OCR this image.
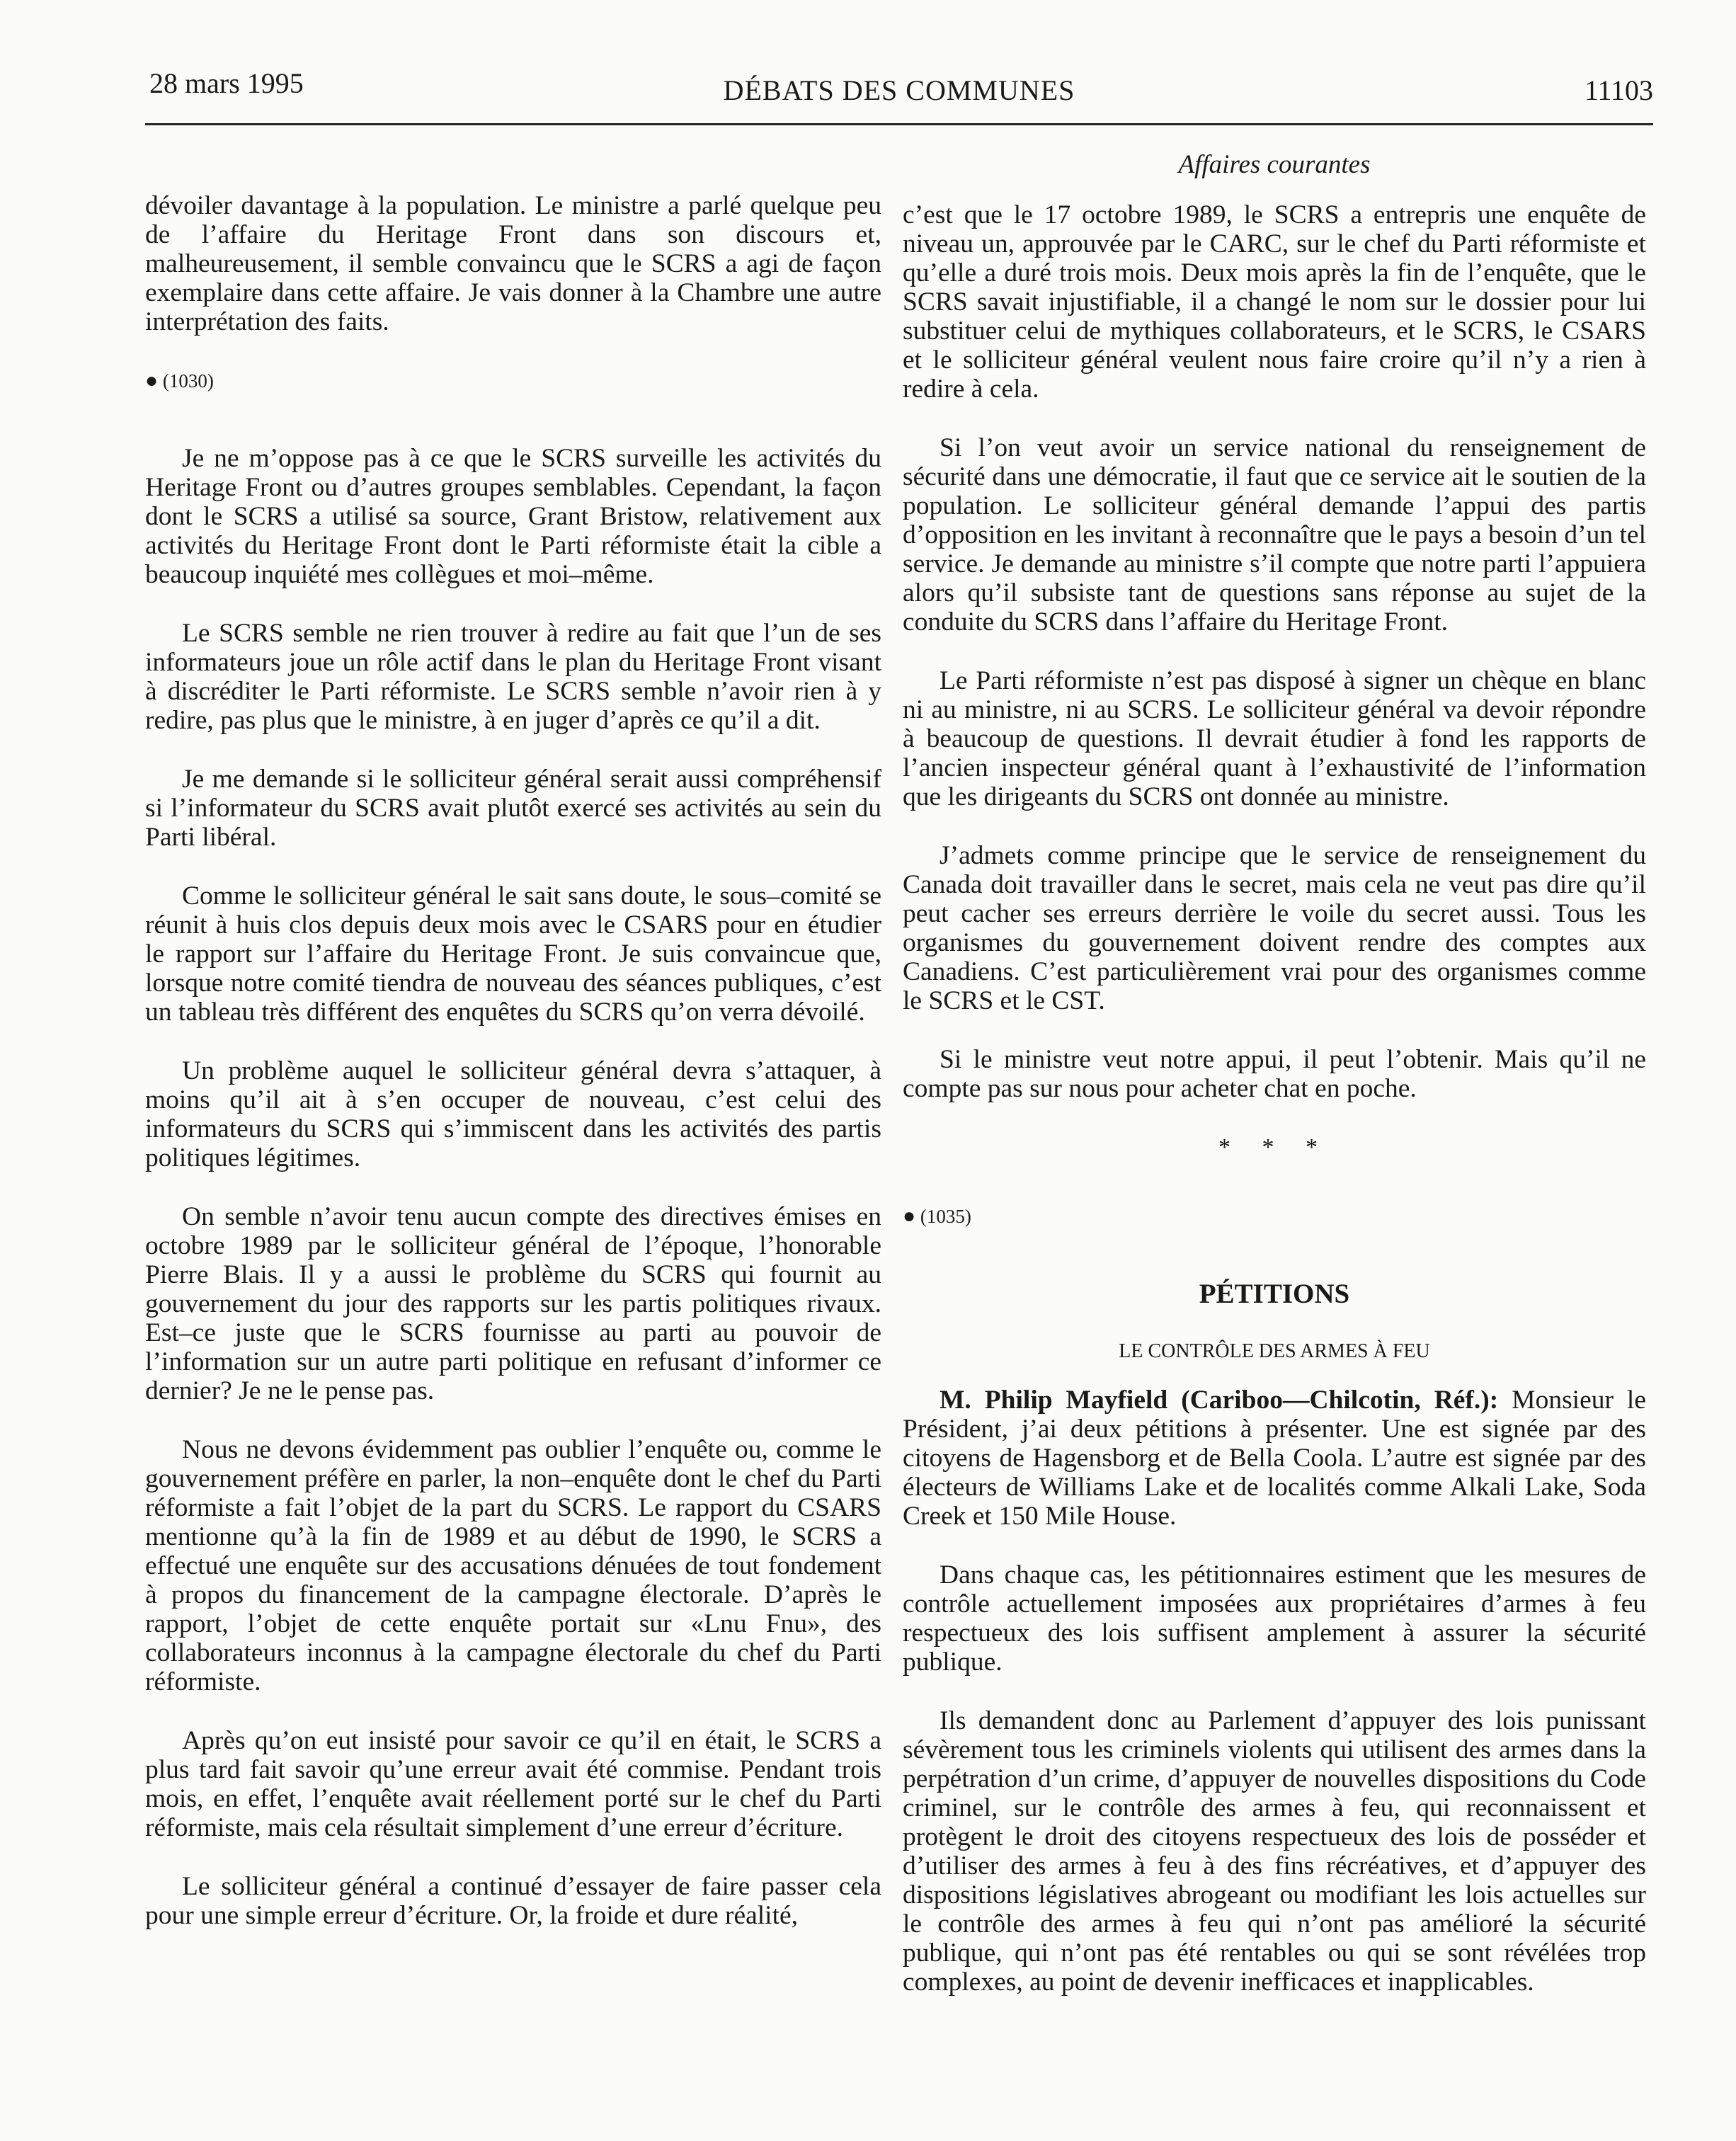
28 mars 1995	DÉBATS DES COMMUNES	11103

dévoiler davantage à la population. Le ministre a parlé quelque peu de l’affaire du Heritage Front dans son discours et, malheureusement, il semble convaincu que le SCRS a agi de façon exemplaire dans cette affaire. Je vais donner à la Chambre une autre interprétation des faits.

● (1030)

Je ne m’oppose pas à ce que le SCRS surveille les activités du Heritage Front ou d’autres groupes semblables. Cependant, la façon dont le SCRS a utilisé sa source, Grant Bristow, relativement aux activités du Heritage Front dont le Parti réformiste était la cible a beaucoup inquiété mes collègues et moi–même.

Le SCRS semble ne rien trouver à redire au fait que l’un de ses informateurs joue un rôle actif dans le plan du Heritage Front visant à discréditer le Parti réformiste. Le SCRS semble n’avoir rien à y redire, pas plus que le ministre, à en juger d’après ce qu’il a dit.

Je me demande si le solliciteur général serait aussi compréhensif si l’informateur du SCRS avait plutôt exercé ses activités au sein du Parti libéral.

Comme le solliciteur général le sait sans doute, le sous–comité se réunit à huis clos depuis deux mois avec le CSARS pour en étudier le rapport sur l’affaire du Heritage Front. Je suis convaincue que, lorsque notre comité tiendra de nouveau des séances publiques, c’est un tableau très différent des enquêtes du SCRS qu’on verra dévoilé.

Un problème auquel le solliciteur général devra s’attaquer, à moins qu’il ait à s’en occuper de nouveau, c’est celui des informateurs du SCRS qui s’immiscent dans les activités des partis politiques légitimes.

On semble n’avoir tenu aucun compte des directives émises en octobre 1989 par le solliciteur général de l’époque, l’honorable Pierre Blais. Il y a aussi le problème du SCRS qui fournit au gouvernement du jour des rapports sur les partis politiques rivaux. Est–ce juste que le SCRS fournisse au parti au pouvoir de l’information sur un autre parti politique en refusant d’informer ce dernier? Je ne le pense pas.

Nous ne devons évidemment pas oublier l’enquête ou, comme le gouvernement préfère en parler, la non–enquête dont le chef du Parti réformiste a fait l’objet de la part du SCRS. Le rapport du CSARS mentionne qu’à la fin de 1989 et au début de 1990, le SCRS a effectué une enquête sur des accusations dénuées de tout fondement à propos du financement de la campagne électorale. D’après le rapport, l’objet de cette enquête portait sur «Lnu Fnu», des collaborateurs inconnus à la campagne électorale du chef du Parti réformiste.

Après qu’on eut insisté pour savoir ce qu’il en était, le SCRS a plus tard fait savoir qu’une erreur avait été commise. Pendant trois mois, en effet, l’enquête avait réellement porté sur le chef du Parti réformiste, mais cela résultait simplement d’une erreur d’écriture.

Le solliciteur général a continué d’essayer de faire passer cela pour une simple erreur d’écriture. Or, la froide et dure réalité,

Affaires courantes

c’est que le 17 octobre 1989, le SCRS a entrepris une enquête de niveau un, approuvée par le CARC, sur le chef du Parti réformiste et qu’elle a duré trois mois. Deux mois après la fin de l’enquête, que le SCRS savait injustifiable, il a changé le nom sur le dossier pour lui substituer celui de mythiques collaborateurs, et le SCRS, le CSARS et le solliciteur général veulent nous faire croire qu’il n’y a rien à redire à cela.

Si l’on veut avoir un service national du renseignement de sécurité dans une démocratie, il faut que ce service ait le soutien de la population. Le solliciteur général demande l’appui des partis d’opposition en les invitant à reconnaître que le pays a besoin d’un tel service. Je demande au ministre s’il compte que notre parti l’appuiera alors qu’il subsiste tant de questions sans réponse au sujet de la conduite du SCRS dans l’affaire du Heritage Front.

Le Parti réformiste n’est pas disposé à signer un chèque en blanc ni au ministre, ni au SCRS. Le solliciteur général va devoir répondre à beaucoup de questions. Il devrait étudier à fond les rapports de l’ancien inspecteur général quant à l’exhaustivité de l’information que les dirigeants du SCRS ont donnée au ministre.

J’admets comme principe que le service de renseignement du Canada doit travailler dans le secret, mais cela ne veut pas dire qu’il peut cacher ses erreurs derrière le voile du secret aussi. Tous les organismes du gouvernement doivent rendre des comptes aux Canadiens. C’est particulièrement vrai pour des organismes comme le SCRS et le CST.

Si le ministre veut notre appui, il peut l’obtenir. Mais qu’il ne compte pas sur nous pour acheter chat en poche.

* * *
● (1035)
PÉTITIONS
LE CONTRÔLE DES ARMES À FEU

M. Philip Mayfield (Cariboo—Chilcotin, Réf.): Monsieur le Président, j’ai deux pétitions à présenter. Une est signée par des citoyens de Hagensborg et de Bella Coola. L’autre est signée par des électeurs de Williams Lake et de localités comme Alkali Lake, Soda Creek et 150 Mile House.

Dans chaque cas, les pétitionnaires estiment que les mesures de contrôle actuellement imposées aux propriétaires d’armes à feu respectueux des lois suffisent amplement à assurer la sécurité publique.

Ils demandent donc au Parlement d’appuyer des lois punissant sévèrement tous les criminels violents qui utilisent des armes dans la perpétration d’un crime, d’appuyer de nouvelles dispositions du Code criminel, sur le contrôle des armes à feu, qui reconnaissent et protègent le droit des citoyens respectueux des lois de posséder et d’utiliser des armes à feu à des fins récréatives, et d’appuyer des dispositions législatives abrogeant ou modifiant les lois actuelles sur le contrôle des armes à feu qui n’ont pas amélioré la sécurité publique, qui n’ont pas été rentables ou qui se sont révélées trop complexes, au point de devenir inefficaces et inapplicables.
